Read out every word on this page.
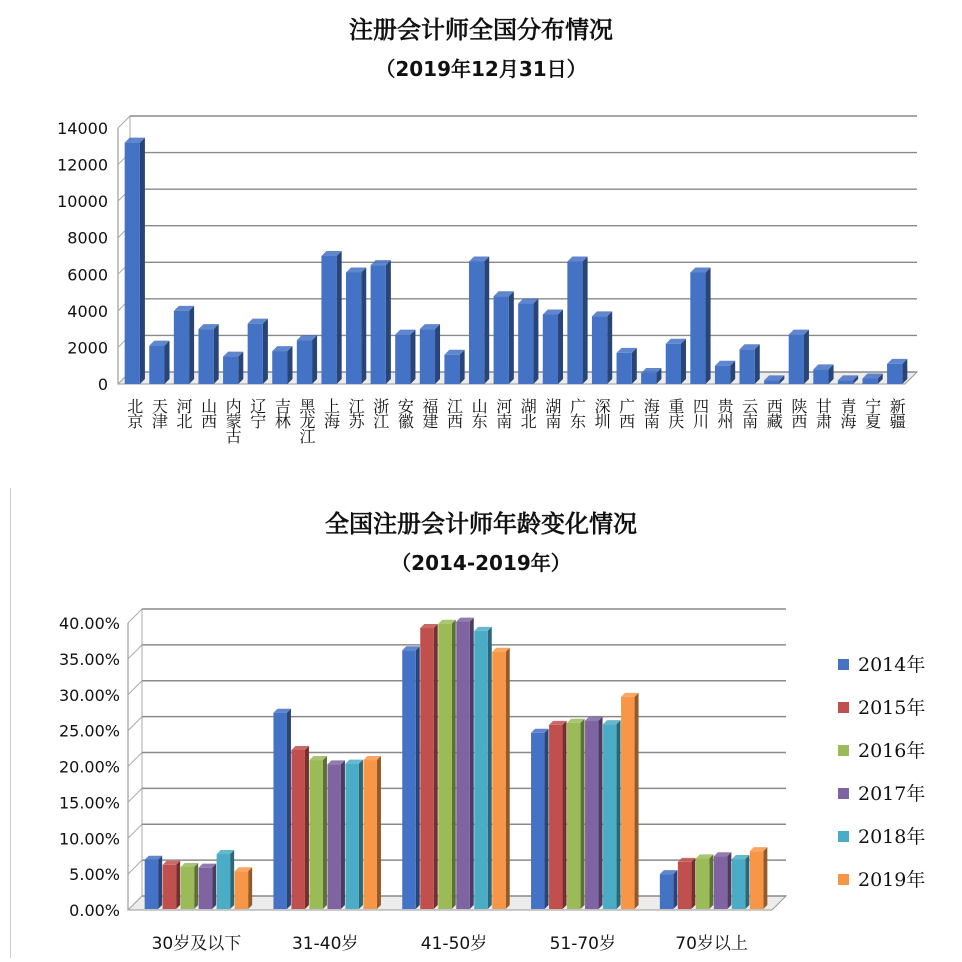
注册会计师全国分布情况
（2019年12月31日）
0
2000
4000
6000
8000
10000
12000
14000
北京 天津 河北 山西 内蒙古 辽宁 吉林 黑龙江 上海 江苏 浙江 安徽 福建 江西 山东 河南 湖北 湖南 广东 深圳 广西 海南 重庆 四川 贵州 云南 西藏 陕西 甘肃 青海 宁夏 新疆
全国注册会计师年龄变化情况
（2014-2019年）
0.00%
5.00%
10.00%
15.00%
20.00%
25.00%
30.00%
35.00%
40.00%
30岁及以下	31-40岁	41-50岁	51-70岁	70岁以上
2014年
2015年
2016年
2017年
2018年
2019年
